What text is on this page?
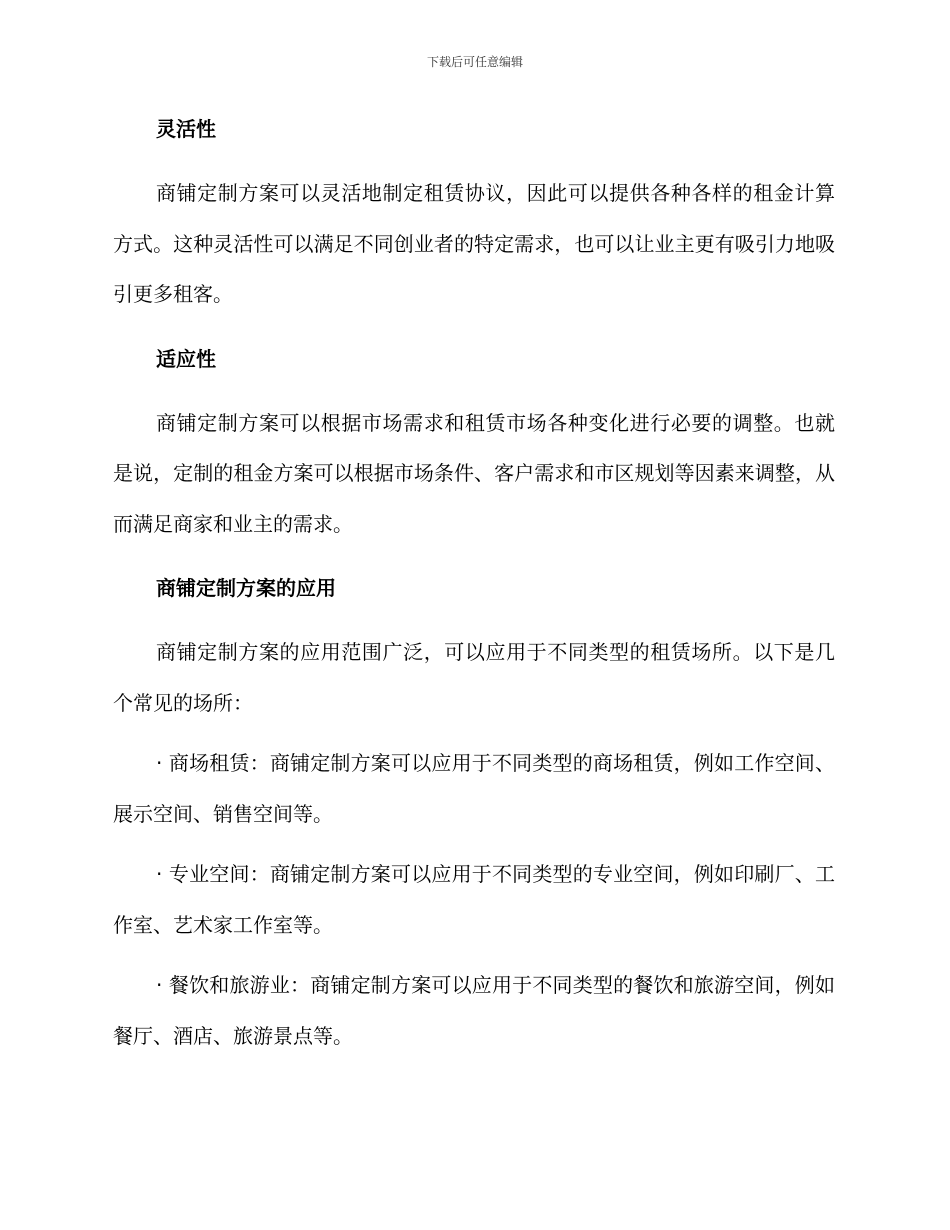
下载后可任意编辑
灵活性

商铺定制方案可以灵活地制定租赁协议，因此可以提供各种各样的租金计算方式。这种灵活性可以满足不同创业者的特定需求，也可以让业主更有吸引力地吸引更多租客。

适应性

商铺定制方案可以根据市场需求和租赁市场各种变化进行必要的调整。也就是说，定制的租金方案可以根据市场条件、客户需求和市区规划等因素来调整，从而满足商家和业主的需求。

商铺定制方案的应用

商铺定制方案的应用范围广泛，可以应用于不同类型的租赁场所。以下是几个常见的场所：

· 商场租赁：商铺定制方案可以应用于不同类型的商场租赁，例如工作空间、展示空间、销售空间等。

· 专业空间：商铺定制方案可以应用于不同类型的专业空间，例如印刷厂、工作室、艺术家工作室等。

· 餐饮和旅游业：商铺定制方案可以应用于不同类型的餐饮和旅游空间，例如餐厅、酒店、旅游景点等。
